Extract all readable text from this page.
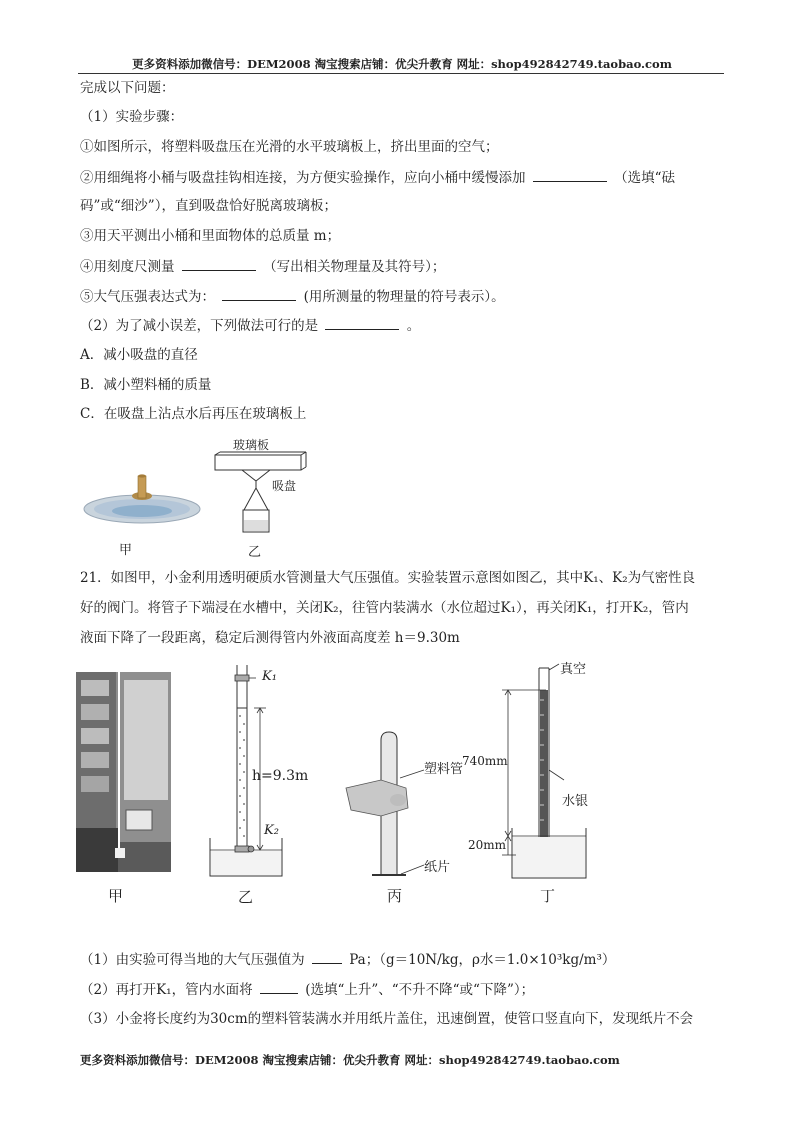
更多资料添加微信号：DEM2008 淘宝搜索店铺：优尖升教育 网址：shop492842749.taobao.com
完成以下问题：
（1）实验步骤：
①如图所示，将塑料吸盘压在光滑的水平玻璃板上，挤出里面的空气；
②用细绳将小桶与吸盘挂钩相连接，为方便实验操作，应向小桶中缓慢添加	（选填“砝
码”或“细沙”），直到吸盘恰好脱离玻璃板；
③用天平测出小桶和里面物体的总质量 m；
④用刻度尺测量	（写出相关物理量及其符号）；
⑤大气压强表达式为：	(用所测量的物理量的符号表示）。
（2）为了减小误差，下列做法可行的是	。
A．减小吸盘的直径
B．减小塑料桶的质量
C．在吸盘上沾点水后再压在玻璃板上
玻璃板
吸盘
甲	乙
21．如图甲，小金利用透明硬质水管测量大气压强值。实验装置示意图如图乙，其中K₁、K₂为气密性良
好的阀门。将管子下端浸在水槽中，关闭K₂，往管内装满水（水位超过K₁），再关闭K₁，打开K₂，管内
液面下降了一段距离，稳定后测得管内外液面高度差 h＝9.30m
K₁
K₂
h=9.3m	塑料管
纸片
真空
740mm
20mm
水银
甲	乙	丙	丁
（1）由实验可得当地的大气压强值为	Pa；（g＝10N/kg，ρ水＝1.0×10³kg/m³）
（2）再打开K₁，管内水面将	(选填“上升”、“不升不降“或“下降”）；
（3）小金将长度约为30cm的塑料管装满水并用纸片盖住，迅速倒置，使管口竖直向下，发现纸片不会
更多资料添加微信号：DEM2008 淘宝搜索店铺：优尖升教育 网址：shop492842749.taobao.com
